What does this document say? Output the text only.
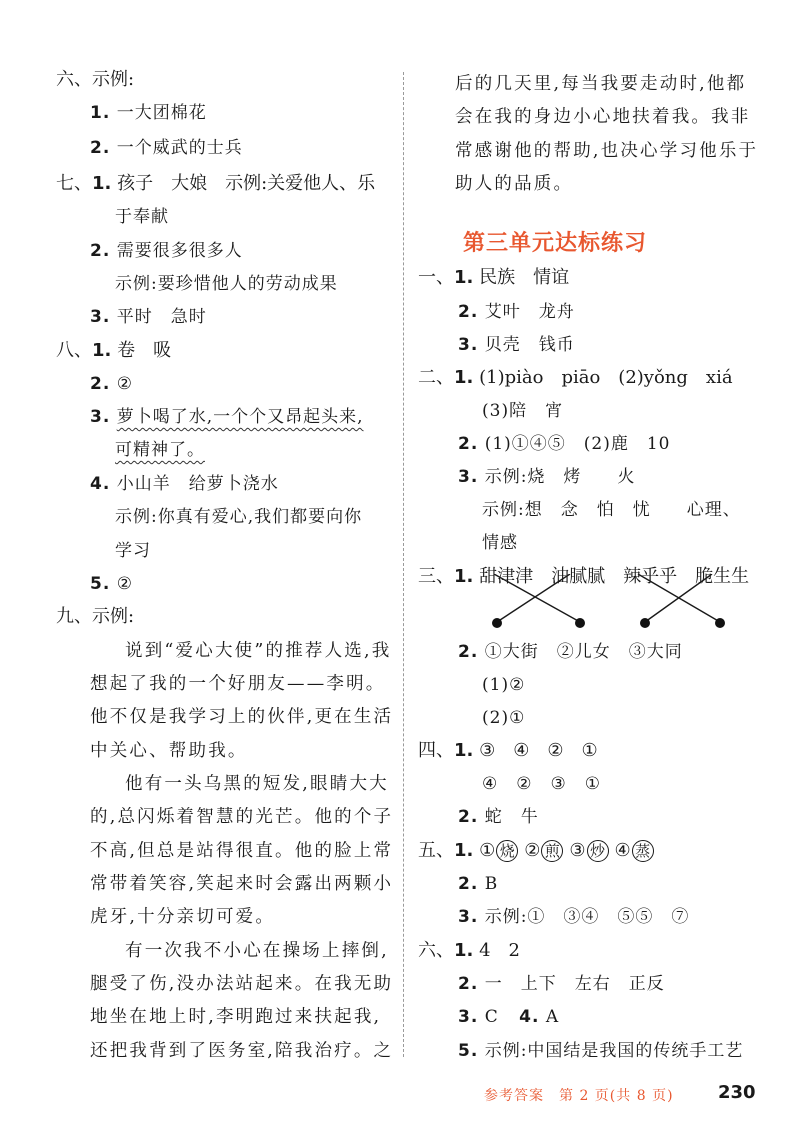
六、示例:
1. 一大团棉花
2. 一个威武的士兵
七、1. 孩子　大娘　示例:关爱他人、乐
于奉献
2. 需要很多很多人
示例:要珍惜他人的劳动成果
3. 平时　急时
八、1. 卷　吸
2. ②
3. 萝卜喝了水,一个个又昂起头来,
可精神了。
4. 小山羊　给萝卜浇水
示例:你真有爱心,我们都要向你
学习
5. ②
九、示例:
说到“爱心大使”的推荐人选,我
想起了我的一个好朋友——李明。
他不仅是我学习上的伙伴,更在生活
中关心、帮助我。
他有一头乌黑的短发,眼睛大大
的,总闪烁着智慧的光芒。他的个子
不高,但总是站得很直。他的脸上常
常带着笑容,笑起来时会露出两颗小
虎牙,十分亲切可爱。
有一次我不小心在操场上摔倒,
腿受了伤,没办法站起来。在我无助
地坐在地上时,李明跑过来扶起我,
还把我背到了医务室,陪我治疗。之
后的几天里,每当我要走动时,他都
会在我的身边小心地扶着我。我非
常感谢他的帮助,也决心学习他乐于
助人的品质。
第三单元达标练习
一、1. 民族　情谊
2. 艾叶　龙舟
3. 贝壳　钱币
二、1. (1)piào　piāo　(2)yǒng　xiá
(3)陪　宵
2. (1)①④⑤　(2)鹿　10
3. 示例:烧　烤　　火
示例:想　念　怕　忧　　心理、
情感
三、1. 甜津津　油腻腻　辣乎乎　脆生生
2. ①大街　②儿女　③大同
(1)②
(2)①
四、1. ③　④　②　①
④　②　③　①
2. 蛇　牛
五、1. ① 烧 ② 煎 ③ 炒 ④ 蒸
2. B
3. 示例:①　③④　⑤⑤　⑦
六、1. 4　2
2. 一　上下　左右　正反
3. C 4. A
5. 示例:中国结是我国的传统手工艺
参考答案　第 2 页(共 8 页) 230
